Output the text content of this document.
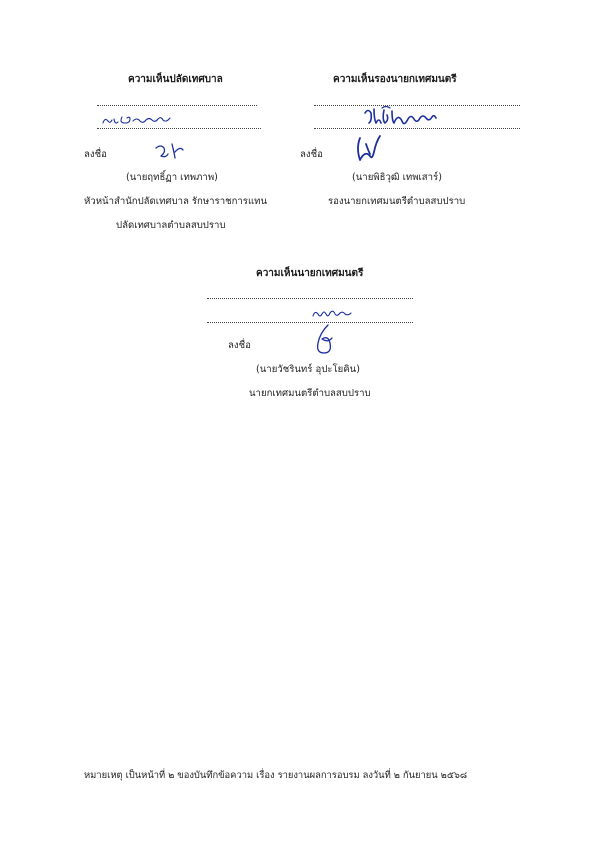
ความเห็นปลัดเทศบาล
ลงชื่อ
(นายฤทธิ์ฏา เทพภาพ)
หัวหน้าสำนักปลัดเทศบาล รักษาราชการแทน
ปลัดเทศบาลตำบลสบปราบ
ความเห็นรองนายกเทศมนตรี
ลงชื่อ
(นายพิธิวุฒิ เทพเสาร์)
รองนายกเทศมนตรีตำบลสบปราบ
ความเห็นนายกเทศมนตรี
ลงชื่อ
(นายวัชรินทร์ อุปะโยคิน)
นายกเทศมนตรีตำบลสบปราบ
หมายเหตุ เป็นหน้าที่ ๒ ของบันทึกข้อความ เรื่อง รายงานผลการอบรม ลงวันที่ ๒ กันยายน ๒๕๖๘
